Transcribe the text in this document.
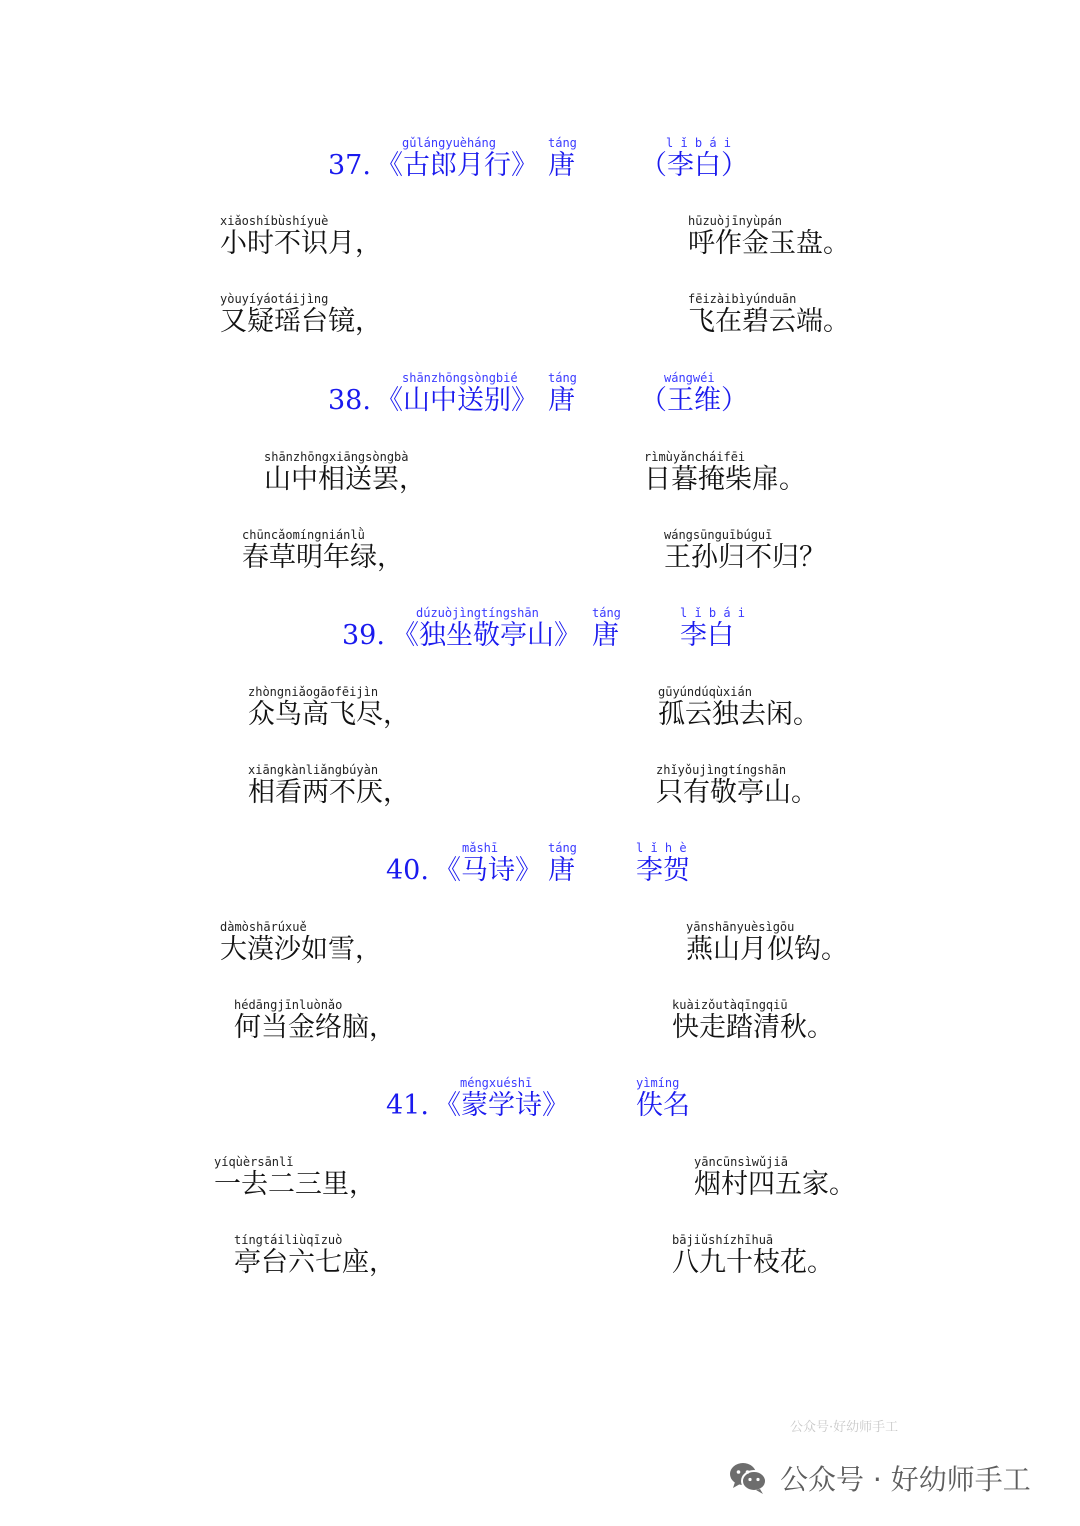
37.
gǔlángyuèháng
《古郎月行》
táng
唐
l ǐ b á i
（李白）
xiǎoshíbùshíyuè
小时不识月，
hūzuòjīnyùpán
呼作金玉盘。
yòuyíyáotáijìng
又疑瑶台镜，
fēizàibìyúnduān
飞在碧云端。
38.
shānzhōngsòngbié
《山中送别》
táng
唐
wángwéi
（王维）
shānzhōngxiāngsòngbà
山中相送罢，
rìmùyǎncháifēi
日暮掩柴扉。
chūncǎomíngniánlǜ
春草明年绿，
wángsūnguībúguī
王孙归不归？
39.
dúzuòjìngtíngshān
《独坐敬亭山》
táng
唐
l ǐ b á i
李白
zhòngniǎogāofēijìn
众鸟高飞尽，
gūyúndúqùxián
孤云独去闲。
xiāngkànliǎngbúyàn
相看两不厌，
zhǐyǒujìngtíngshān
只有敬亭山。
40.
mǎshī
《马诗》
táng
唐
l ǐ h è
李贺
dàmòshārúxuě
大漠沙如雪，
yānshānyuèsìgōu
燕山月似钩。
hédāngjīnluònǎo
何当金络脑，
kuàizǒutàqīngqiū
快走踏清秋。
41.
méngxuéshī
《蒙学诗》
yìmíng
佚名
yíqùèrsānlǐ
一去二三里，
yāncūnsìwǔjiā
烟村四五家。
tíngtáiliùqīzuò
亭台六七座，
bājiǔshízhīhuā
八九十枝花。
公众号·好幼师手工
公众号 · 好幼师手工
